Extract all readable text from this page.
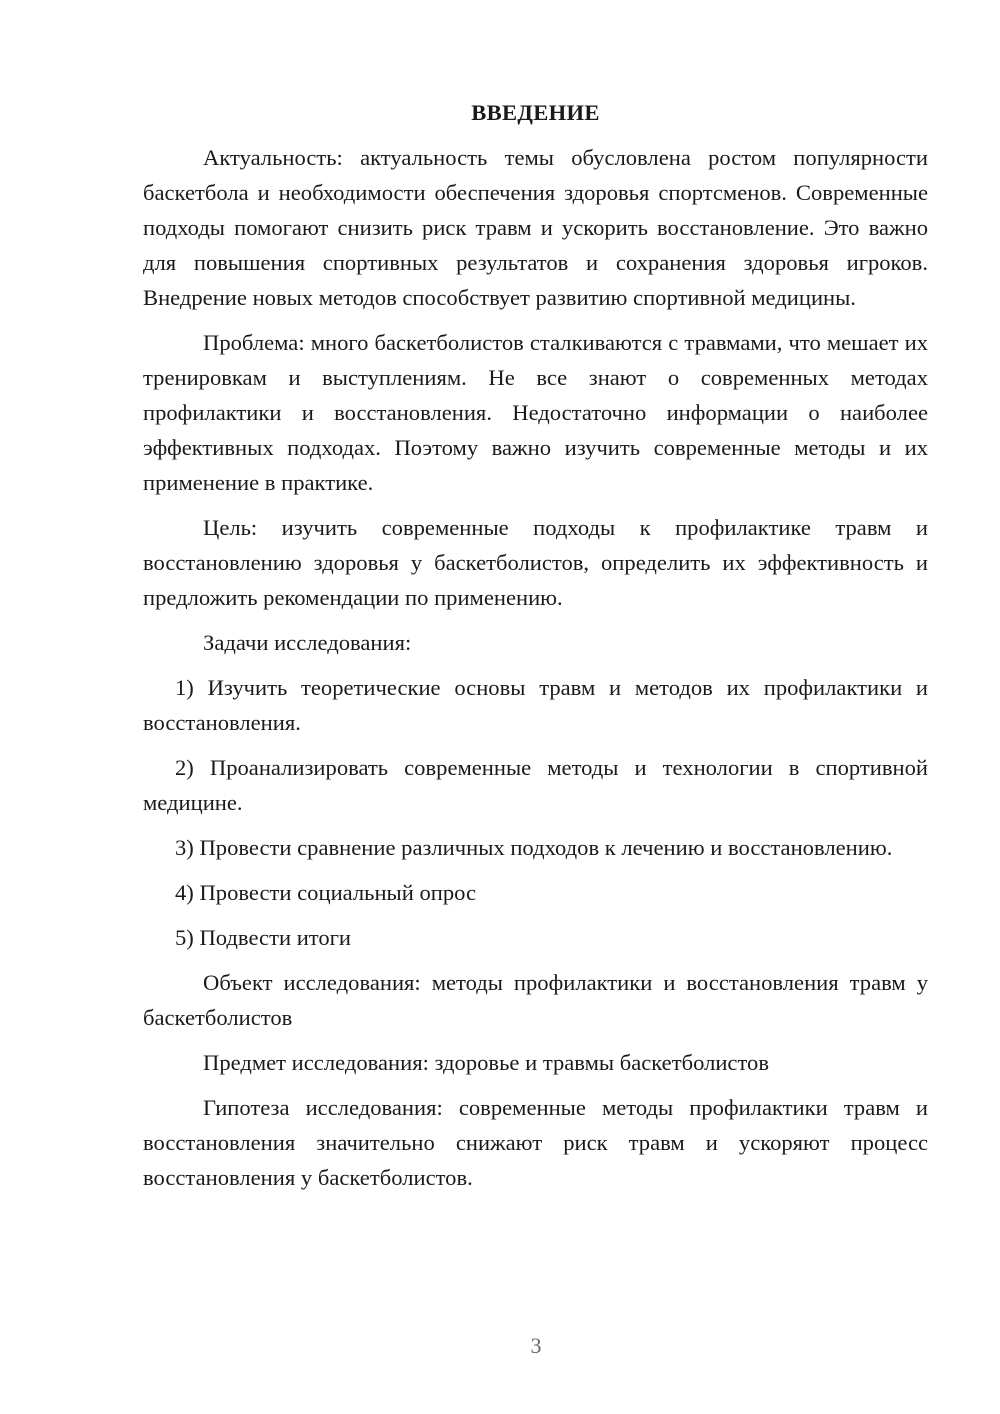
ВВЕДЕНИЕ

Актуальность: актуальность темы обусловлена ростом популярности баскетбола и необходимости обеспечения здоровья спортсменов. Современные подходы помогают снизить риск травм и ускорить восстановление. Это важно для повышения спортивных результатов и сохранения здоровья игроков. Внедрение новых методов способствует развитию спортивной медицины.

Проблема: много баскетболистов сталкиваются с травмами, что мешает их тренировкам и выступлениям. Не все знают о современных методах профилактики и восстановления. Недостаточно информации о наиболее эффективных подходах. Поэтому важно изучить современные методы и их применение в практике.

Цель: изучить современные подходы к профилактике травм и восстановлению здоровья у баскетболистов, определить их эффективность и предложить рекомендации по применению.

Задачи исследования:

1) Изучить теоретические основы травм и методов их профилактики и восстановления.

2) Проанализировать современные методы и технологии в спортивной медицине.

3) Провести сравнение различных подходов к лечению и восстановлению.

4) Провести социальный опрос

5) Подвести итоги

Объект исследования: методы профилактики и восстановления травм у баскетболистов

Предмет исследования: здоровье и травмы баскетболистов

Гипотеза исследования: современные методы профилактики травм и восстановления значительно снижают риск травм и ускоряют процесс восстановления у баскетболистов.

3
